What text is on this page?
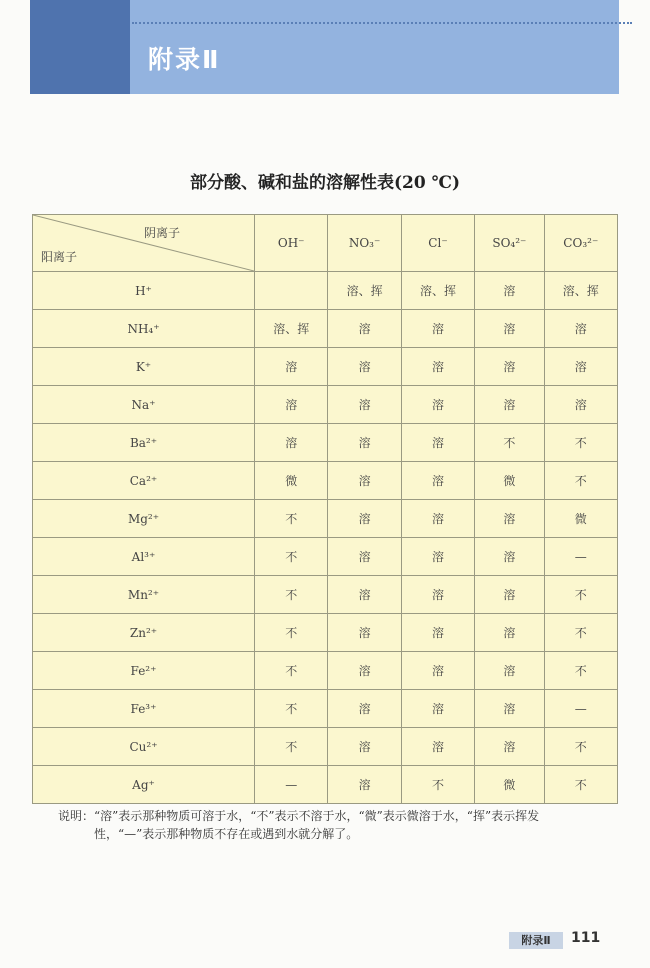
附录Ⅱ
部分酸、碱和盐的溶解性表(20 ℃)
阴离子
阳离子	OH⁻	NO₃⁻	Cl⁻	SO₄²⁻	CO₃²⁻
H⁺		溶、挥	溶、挥	溶	溶、挥
NH₄⁺	溶、挥	溶	溶	溶	溶
K⁺	溶	溶	溶	溶	溶
Na⁺	溶	溶	溶	溶	溶
Ba²⁺	溶	溶	溶	不	不
Ca²⁺	微	溶	溶	微	不
Mg²⁺	不	溶	溶	溶	微
Al³⁺	不	溶	溶	溶	—
Mn²⁺	不	溶	溶	溶	不
Zn²⁺	不	溶	溶	溶	不
Fe²⁺	不	溶	溶	溶	不
Fe³⁺	不	溶	溶	溶	—
Cu²⁺	不	溶	溶	溶	不
Ag⁺	—	溶	不	微	不
说明：“溶”表示那种物质可溶于水，“不”表示不溶于水，“微”表示微溶于水，“挥”表示挥发
性，“—”表示那种物质不存在或遇到水就分解了。
附录Ⅱ	111
